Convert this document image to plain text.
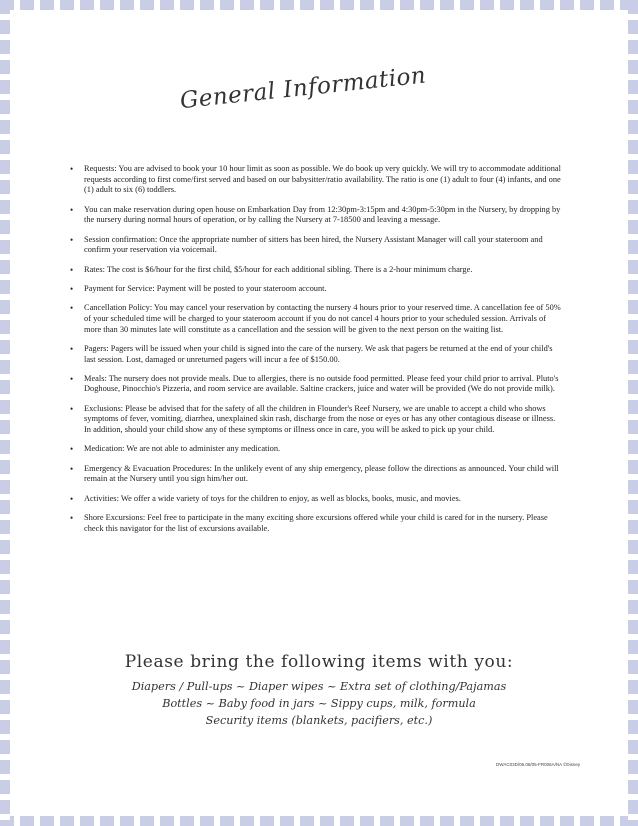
General Information
• Requests: You are advised to book your 10 hour limit as soon as possible. We do book up very quickly. We will try to accommodate additional requests according to first come/first served and based on our babysitter/ratio availability. The ratio is one (1) adult to four (4) infants, and one (1) adult to six (6) toddlers.
• You can make reservation during open house on Embarkation Day from 12:30pm-3:15pm and 4:30pm-5:30pm in the Nursery, by dropping by the nursery during normal hours of operation, or by calling the Nursery at 7-18500 and leaving a message.
• Session confirmation: Once the appropriate number of sitters has been hired, the Nursery Assistant Manager will call your stateroom and confirm your reservation via voicemail.
• Rates: The cost is $6/hour for the first child, $5/hour for each additional sibling. There is a 2-hour minimum charge.
• Payment for Service: Payment will be posted to your stateroom account.
• Cancellation Policy: You may cancel your reservation by contacting the nursery 4 hours prior to your reserved time. A cancellation fee of 50% of your scheduled time will be charged to your stateroom account if you do not cancel 4 hours prior to your scheduled session. Arrivals of more than 30 minutes late will constitute as a cancellation and the session will be given to the next person on the waiting list.
• Pagers: Pagers will be issued when your child is signed into the care of the nursery. We ask that pagers be returned at the end of your child's last session. Lost, damaged or unreturned pagers will incur a fee of $150.00.
• Meals: The nursery does not provide meals. Due to allergies, there is no outside food permitted. Please feed your child prior to arrival. Pluto's Doghouse, Pinocchio's Pizzeria, and room service are available. Saltine crackers, juice and water will be provided (We do not provide milk).
• Exclusions: Please be advised that for the safety of all the children in Flounder's Reef Nursery, we are unable to accept a child who shows symptoms of fever, vomiting, diarrhea, unexplained skin rash, discharge from the nose or eyes or has any other contagious disease or illness. In addition, should your child show any of these symptoms or illness once in care, you will be asked to pick up your child.
• Medication: We are not able to administer any medication.
• Emergency & Evacuation Procedures: In the unlikely event of any ship emergency, please follow the directions as announced. Your child will remain at the Nursery until you sign him/her out.
• Activities: We offer a wide variety of toys for the children to enjoy, as well as blocks, books, music, and movies.
• Shore Excursions: Feel free to participate in the many exciting shore excursions offered while your child is cared for in the nursery. Please check this navigator for the list of excursions available.
Please bring the following items with you:
Diapers / Pull-ups ~ Diaper wipes ~ Extra set of clothing/Pajamas
Bottles ~ Baby food in jars ~ Sippy cups, milk, formula
Security items (blankets, pacifiers, etc.)
DWAC03D/06.06/05-FR006A/NA ©Disney
